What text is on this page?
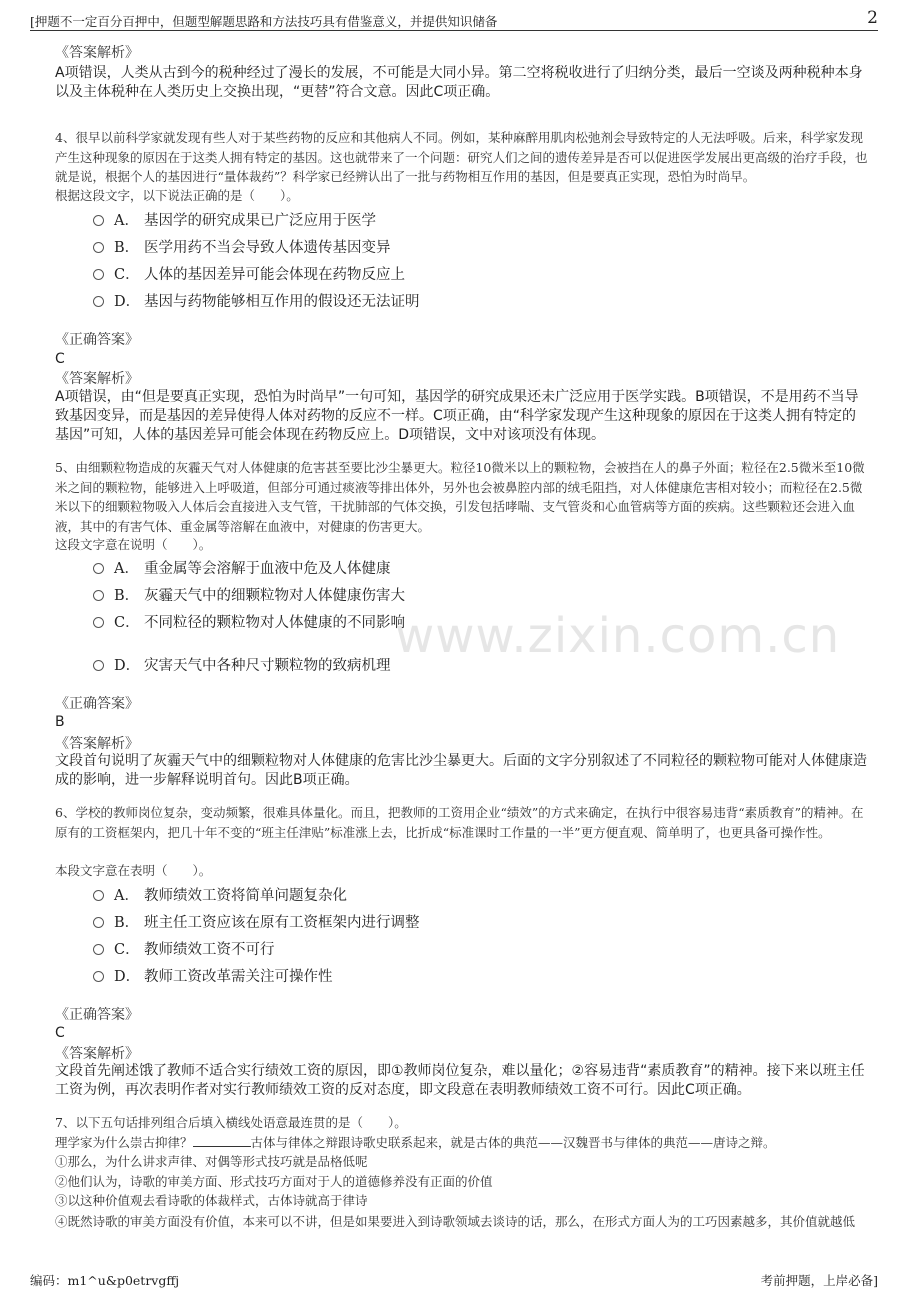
[押题不一定百分百押中，但题型解题思路和方法技巧具有借鉴意义，并提供知识储备	2
www.zixin.com.cn
《答案解析》
A项错误，人类从古到今的税种经过了漫长的发展，不可能是大同小异。第二空将税收进行了归纳分类，最后一空谈及两种税种本身以及主体税种在人类历史上交换出现，“更替”符合文意。因此C项正确。
4、很早以前科学家就发现有些人对于某些药物的反应和其他病人不同。例如，某种麻醉用肌肉松弛剂会导致特定的人无法呼吸。后来，科学家发现产生这种现象的原因在于这类人拥有特定的基因。这也就带来了一个问题：研究人们之间的遗传差异是否可以促进医学发展出更高级的治疗手段，也就是说，根据个人的基因进行“量体裁药”？科学家已经辨认出了一批与药物相互作用的基因，但是要真正实现，恐怕为时尚早。
根据这段文字，以下说法正确的是（　　）。
A． 基因学的研究成果已广泛应用于医学
B． 医学用药不当会导致人体遗传基因变异
C． 人体的基因差异可能会体现在药物反应上
D． 基因与药物能够相互作用的假设还无法证明
《正确答案》
C
《答案解析》
A项错误，由“但是要真正实现，恐怕为时尚早”一句可知，基因学的研究成果还未广泛应用于医学实践。B项错误，不是用药不当导致基因变异，而是基因的差异使得人体对药物的反应不一样。C项正确，由“科学家发现产生这种现象的原因在于这类人拥有特定的基因”可知，人体的基因差异可能会体现在药物反应上。D项错误，文中对该项没有体现。
5、由细颗粒物造成的灰霾天气对人体健康的危害甚至要比沙尘暴更大。粒径10微米以上的颗粒物，会被挡在人的鼻子外面；粒径在2.5微米至10微米之间的颗粒物，能够进入上呼吸道，但部分可通过痰液等排出体外，另外也会被鼻腔内部的绒毛阻挡，对人体健康危害相对较小；而粒径在2.5微米以下的细颗粒物吸入人体后会直接进入支气管，干扰肺部的气体交换，引发包括哮喘、支气管炎和心血管病等方面的疾病。这些颗粒还会进入血液，其中的有害气体、重金属等溶解在血液中，对健康的伤害更大。
这段文字意在说明（　　）。
A． 重金属等会溶解于血液中危及人体健康
B． 灰霾天气中的细颗粒物对人体健康伤害大
C． 不同粒径的颗粒物对人体健康的不同影响
D． 灾害天气中各种尺寸颗粒物的致病机理
《正确答案》
B
《答案解析》
文段首句说明了灰霾天气中的细颗粒物对人体健康的危害比沙尘暴更大。后面的文字分别叙述了不同粒径的颗粒物可能对人体健康造成的影响，进一步解释说明首句。因此B项正确。
6、学校的教师岗位复杂，变动频繁，很难具体量化。而且，把教师的工资用企业“绩效”的方式来确定，在执行中很容易违背“素质教育”的精神。在原有的工资框架内，把几十年不变的“班主任津贴”标准涨上去，比折成“标准课时工作量的一半”更方便直观、简单明了，也更具备可操作性。
本段文字意在表明（　　）。
A． 教师绩效工资将简单问题复杂化
B． 班主任工资应该在原有工资框架内进行调整
C． 教师绩效工资不可行
D． 教师工资改革需关注可操作性
《正确答案》
C
《答案解析》
文段首先阐述饿了教师不适合实行绩效工资的原因，即①教师岗位复杂，难以量化；②容易违背“素质教育”的精神。接下来以班主任工资为例，再次表明作者对实行教师绩效工资的反对态度，即文段意在表明教师绩效工资不可行。因此C项正确。
7、以下五句话排列组合后填入横线处语意最连贯的是（　　）。
理学家为什么崇古抑律？	古体与律体之辩跟诗歌史联系起来，就是古体的典范——汉魏晋书与律体的典范——唐诗之辩。
①那么，为什么讲求声律、对偶等形式技巧就是品格低呢
②他们认为，诗歌的审美方面、形式技巧方面对于人的道德修养没有正面的价值
③以这种价值观去看诗歌的体裁样式，古体诗就高于律诗
④既然诗歌的审美方面没有价值，本来可以不讲，但是如果要进入到诗歌领域去谈诗的话，那么，在形式方面人为的工巧因素越多，其价值就越低
编码：m1^u&p0etrvgffj	考前押题，上岸必备]
